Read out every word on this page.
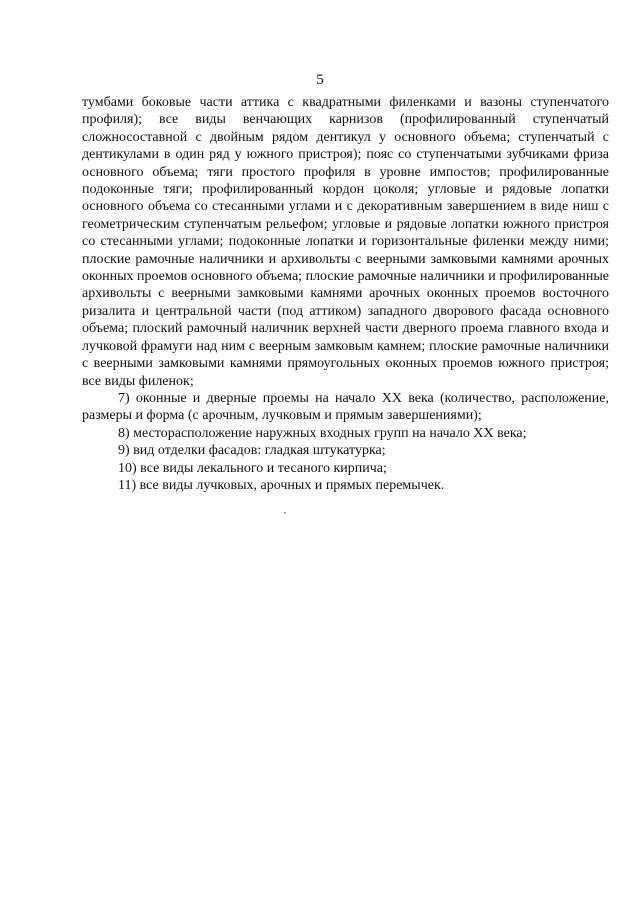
5

тумбами боковые части аттика с квадратными филенками и вазоны ступенчатого профиля); все виды венчающих карнизов (профилированный ступенчатый сложносоставной с двойным рядом дентикул у основного объема; ступенчатый с дентикулами в один ряд у южного пристроя); пояс со ступенчатыми зубчиками фриза основного объема; тяги простого профиля в уровне импостов; профилированные подоконные тяги; профилированный кордон цоколя; угловые и рядовые лопатки основного объема со стесанными углами и с декоративным завершением в виде ниш с геометрическим ступенчатым рельефом; угловые и рядовые лопатки южного пристроя со стесанными углами; подоконные лопатки и горизонтальные филенки между ними; плоские рамочные наличники и архивольты с веерными замковыми камнями арочных оконных проемов основного объема; плоские рамочные наличники и профилированные архивольты с веерными замковыми камнями арочных оконных проемов восточного ризалита и центральной части (под аттиком) западного дворового фасада основного объема; плоский рамочный наличник верхней части дверного проема главного входа и лучковой фрамуги над ним с веерным замковым камнем; плоские рамочные наличники с веерными замковыми камнями прямоугольных оконных проемов южного пристроя; все виды филенок;

7) оконные и дверные проемы на начало XX века (количество, расположение, размеры и форма (с арочным, лучковым и прямым завершениями);

8) месторасположение наружных входных групп на начало XX века;

9) вид отделки фасадов: гладкая штукатурка;

10) все виды лекального и тесаного кирпича;

11) все виды лучковых, арочных и прямых перемычек.
